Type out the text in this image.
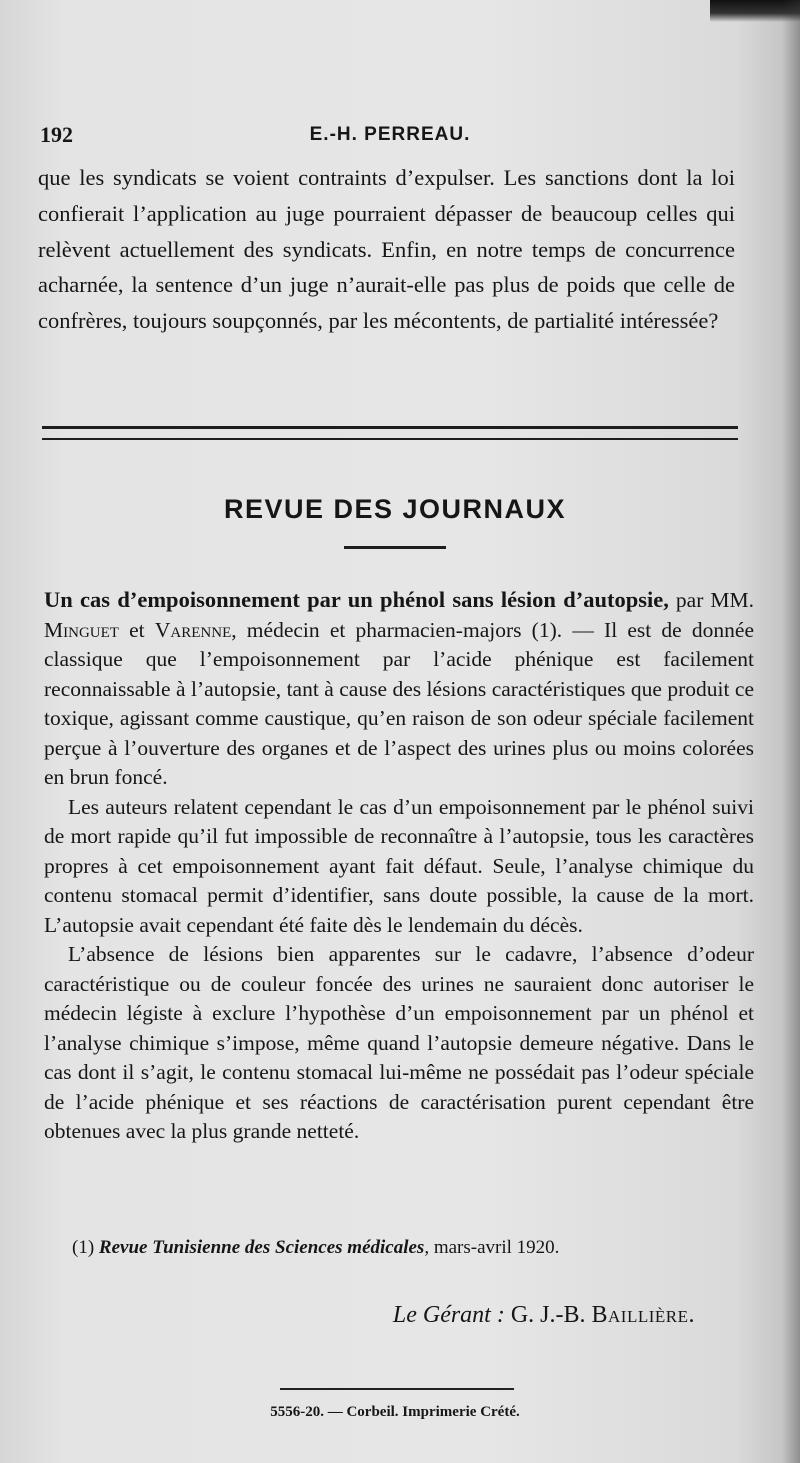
192	E.-H. PERREAU.

que les syndicats se voient contraints d’expulser. Les sanctions dont la loi confierait l’application au juge pourraient dépasser de beaucoup celles qui relèvent actuellement des syndicats. Enfin, en notre temps de concurrence acharnée, la sentence d’un juge n’aurait-elle pas plus de poids que celle de confrères, toujours soupçonnés, par les mécontents, de partialité intéressée?

REVUE DES JOURNAUX

Un cas d’empoisonnement par un phénol sans lésion d’autopsie, par MM. Minguet et Varenne, médecin et pharmacien-majors (1). — Il est de donnée classique que l’empoisonnement par l’acide phénique est facilement reconnaissable à l’autopsie, tant à cause des lésions caractéristiques que produit ce toxique, agissant comme caustique, qu’en raison de son odeur spéciale facilement perçue à l’ouverture des organes et de l’aspect des urines plus ou moins colorées en brun foncé.

Les auteurs relatent cependant le cas d’un empoisonnement par le phénol suivi de mort rapide qu’il fut impossible de reconnaître à l’autopsie, tous les caractères propres à cet empoisonnement ayant fait défaut. Seule, l’analyse chimique du contenu stomacal permit d’identifier, sans doute possible, la cause de la mort. L’autopsie avait cependant été faite dès le lendemain du décès.

L’absence de lésions bien apparentes sur le cadavre, l’absence d’odeur caractéristique ou de couleur foncée des urines ne sauraient donc autoriser le médecin légiste à exclure l’hypothèse d’un empoisonnement par un phénol et l’analyse chimique s’impose, même quand l’autopsie demeure négative. Dans le cas dont il s’agit, le contenu stomacal lui-même ne possédait pas l’odeur spéciale de l’acide phénique et ses réactions de caractérisation purent cependant être obtenues avec la plus grande netteté.

(1) Revue Tunisienne des Sciences médicales, mars-avril 1920.
Le Gérant : G. J.-B. Baillière.
5556-20. — Corbeil. Imprimerie Crété.
